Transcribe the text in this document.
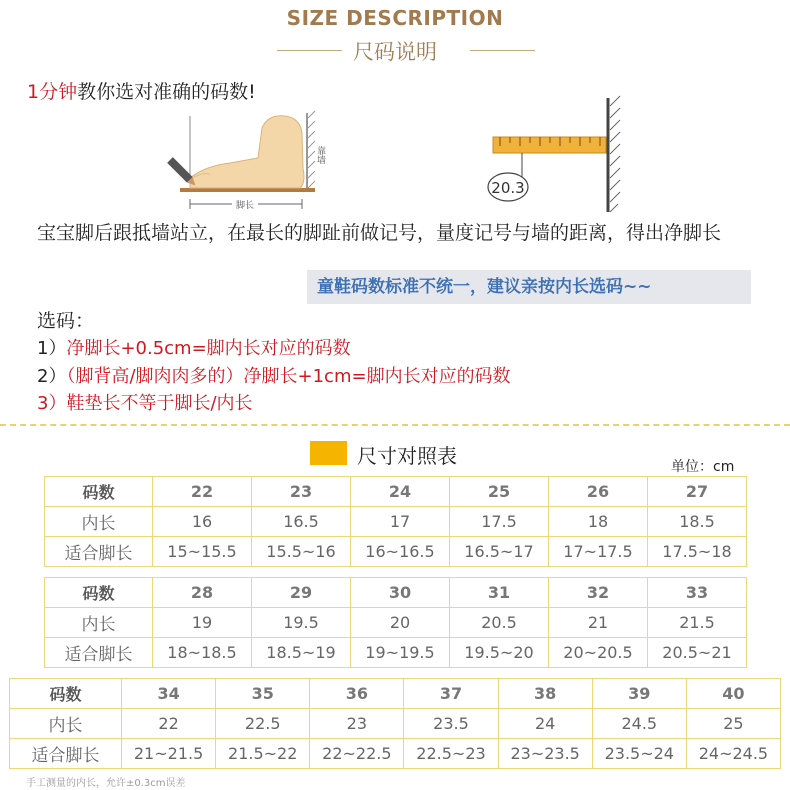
SIZE DESCRIPTION
尺码说明
1分钟教你选对准确的码数!
脚长
靠墙
20.3
宝宝脚后跟抵墙站立，在最长的脚趾前做记号，量度记号与墙的距离，得出净脚长
童鞋码数标准不统一，建议亲按内长选码~~
选码：
1）净脚长+0.5cm=脚内长对应的码数
2）（脚背高/脚肉肉多的）净脚长+1cm=脚内长对应的码数
3）鞋垫长不等于脚长/内长
尺寸对照表	单位：cm
码数	22	23	24	25	26	27
内长	16	16.5	17	17.5	18	18.5
适合脚长	15~15.5	15.5~16	16~16.5	16.5~17	17~17.5	17.5~18
码数	28	29	30	31	32	33
内长	19	19.5	20	20.5	21	21.5
适合脚长	18~18.5	18.5~19	19~19.5	19.5~20	20~20.5	20.5~21
码数	34	35	36	37	38	39	40
内长	22	22.5	23	23.5	24	24.5	25
适合脚长	21~21.5	21.5~22	22~22.5	22.5~23	23~23.5	23.5~24	24~24.5
手工测量的内长，允许±0.3cm误差
